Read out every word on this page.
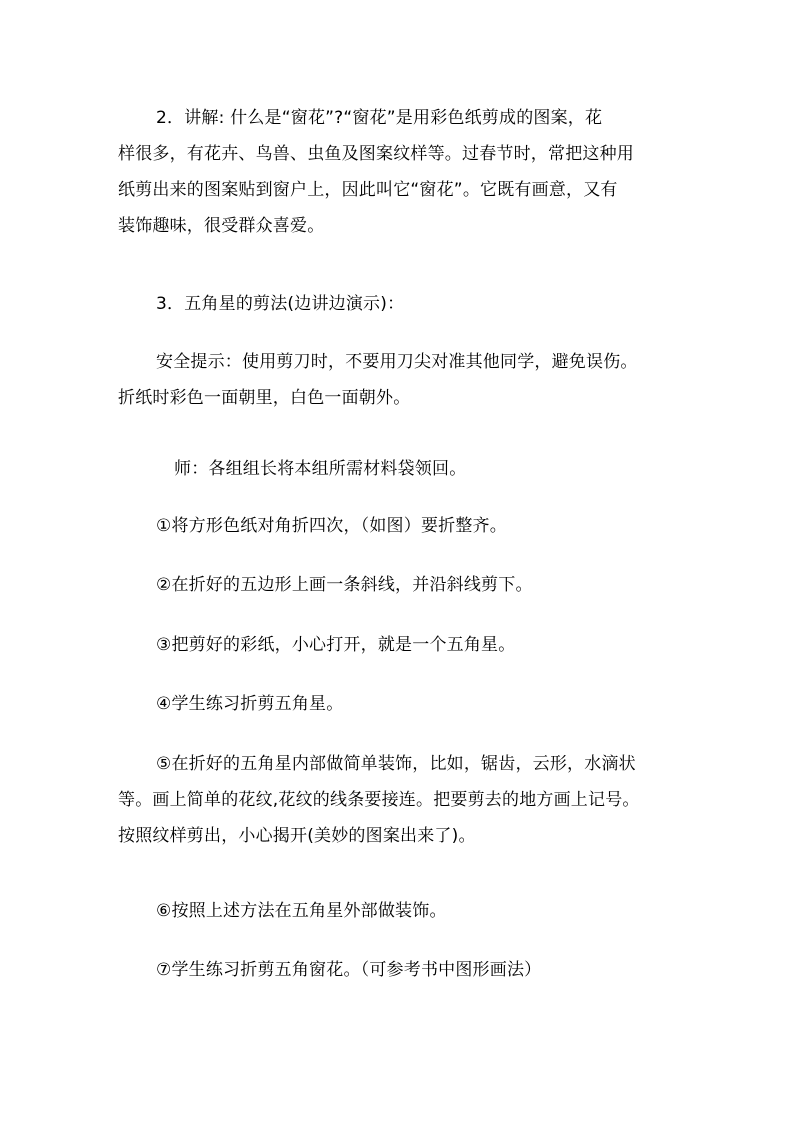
2．讲解: 什么是“窗花”?“窗花”是用彩色纸剪成的图案，花
样很多，有花卉、鸟兽、虫鱼及图案纹样等。过春节时，常把这种用
纸剪出来的图案贴到窗户上，因此叫它“窗花”。它既有画意，又有
装饰趣味，很受群众喜爱。
3．五角星的剪法(边讲边演示)：
安全提示：使用剪刀时，不要用刀尖对准其他同学，避免误伤。
折纸时彩色一面朝里，白色一面朝外。
师：各组组长将本组所需材料袋领回。
①将方形色纸对角折四次，（如图）要折整齐。
②在折好的五边形上画一条斜线，并沿斜线剪下。
③把剪好的彩纸，小心打开，就是一个五角星。
④学生练习折剪五角星。
⑤在折好的五角星内部做简单装饰，比如，锯齿，云形，水滴状
等。画上简单的花纹,花纹的线条要接连。把要剪去的地方画上记号。
按照纹样剪出，小心揭开(美妙的图案出来了)。
⑥按照上述方法在五角星外部做装饰。
⑦学生练习折剪五角窗花。（可参考书中图形画法）
